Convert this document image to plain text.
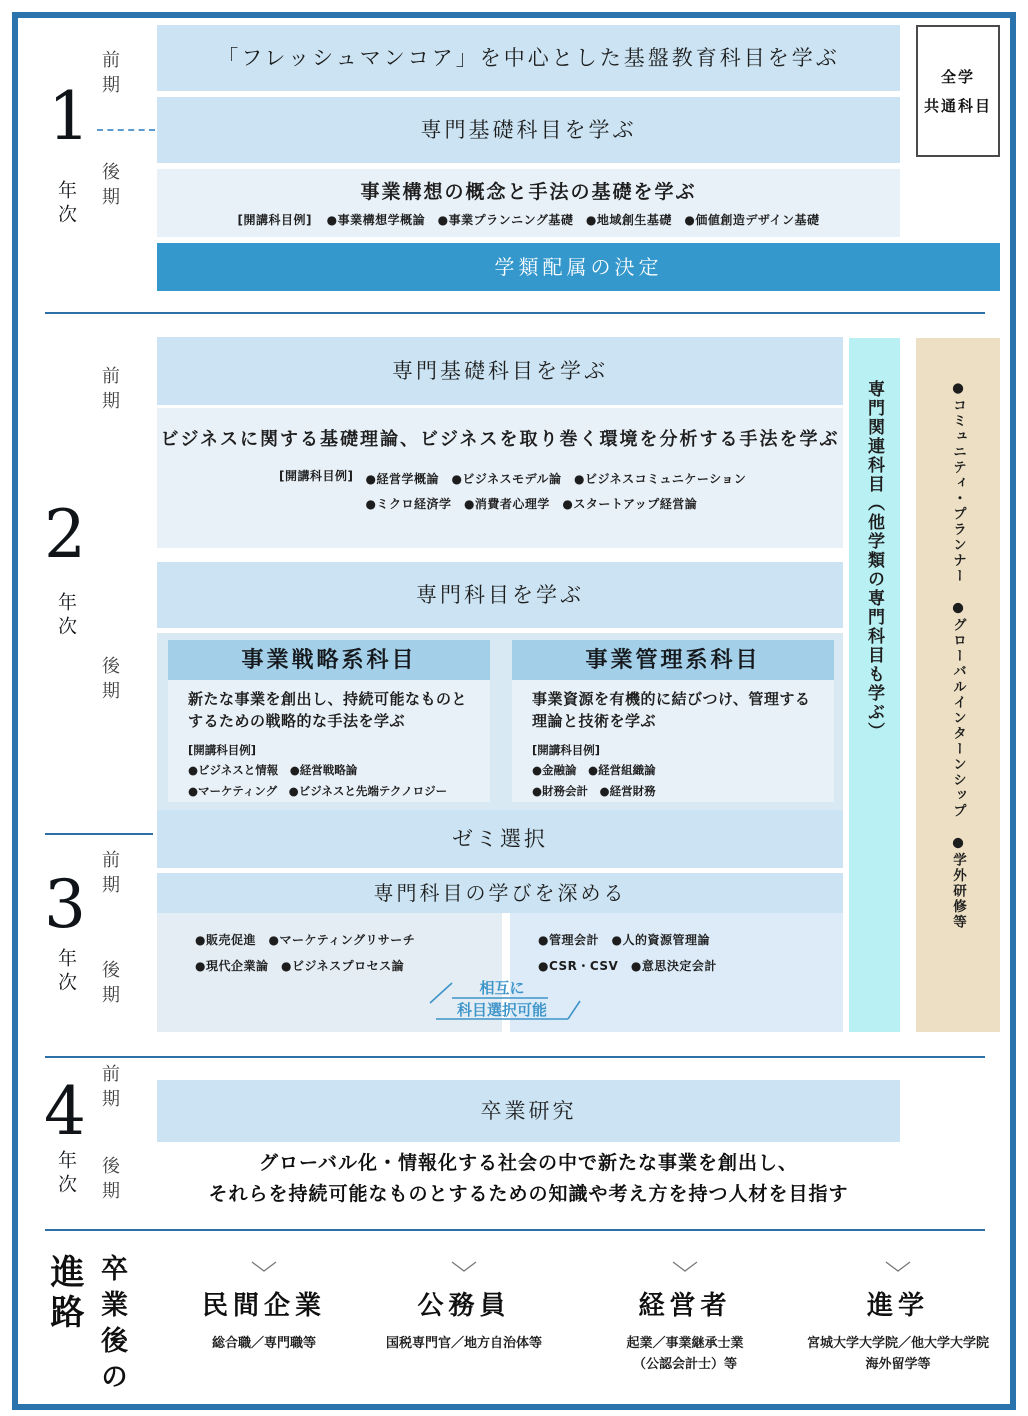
1
年次
前期
後期
「フレッシュマンコア」を中心とした基盤教育科目を学ぶ
専門基礎科目を学ぶ
事業構想の概念と手法の基礎を学ぶ
[開講科目例] ●事業構想学概論　●事業プランニング基礎　●地域創生基礎　●価値創造デザイン基礎
学類配属の決定
全学
共通科目
2
年次
前期
後期
専門基礎科目を学ぶ
ビジネスに関する基礎理論、ビジネスを取り巻く環境を分析する手法を学ぶ
[開講科目例] ●経営学概論　●ビジネスモデル論　●ビジネスコミュニケーション
●ミクロ経済学　●消費者心理学　●スタートアップ経営論
専門科目を学ぶ
事業戦略系科目
新たな事業を創出し、持続可能なものと
するための戦略的な手法を学ぶ
[開講科目例]
●ビジネスと情報　●経営戦略論
●マーケティング　●ビジネスと先端テクノロジー
事業管理系科目
事業資源を有機的に結びつけ、管理する
理論と技術を学ぶ
[開講科目例]
●金融論　●経営組織論
●財務会計　●経営財務
ゼミ選択
3
年次
前期
後期
専門科目の学びを深める
●販売促進　●マーケティングリサーチ
●現代企業論　●ビジネスプロセス論
●管理会計　●人的資源管理論
●CSR・CSV　●意思決定会計
相互に
科目選択可能
専門関連科目（他学類の専門科目も学ぶ）	●コミュニティ・プランナー　●グローバルインターンシップ　●学外研修等
4
年次
前期
後期
卒業研究
グローバル化・情報化する社会の中で新たな事業を創出し、
それらを持続可能なものとするための知識や考え方を持つ人材を目指す
進路 卒業後の	民間企業
総合職／専門職等
公務員
国税専門官／地方自治体等
経営者
起業／事業継承士業
（公認会計士）等
進学
宮城大学大学院／他大学大学院
海外留学等
